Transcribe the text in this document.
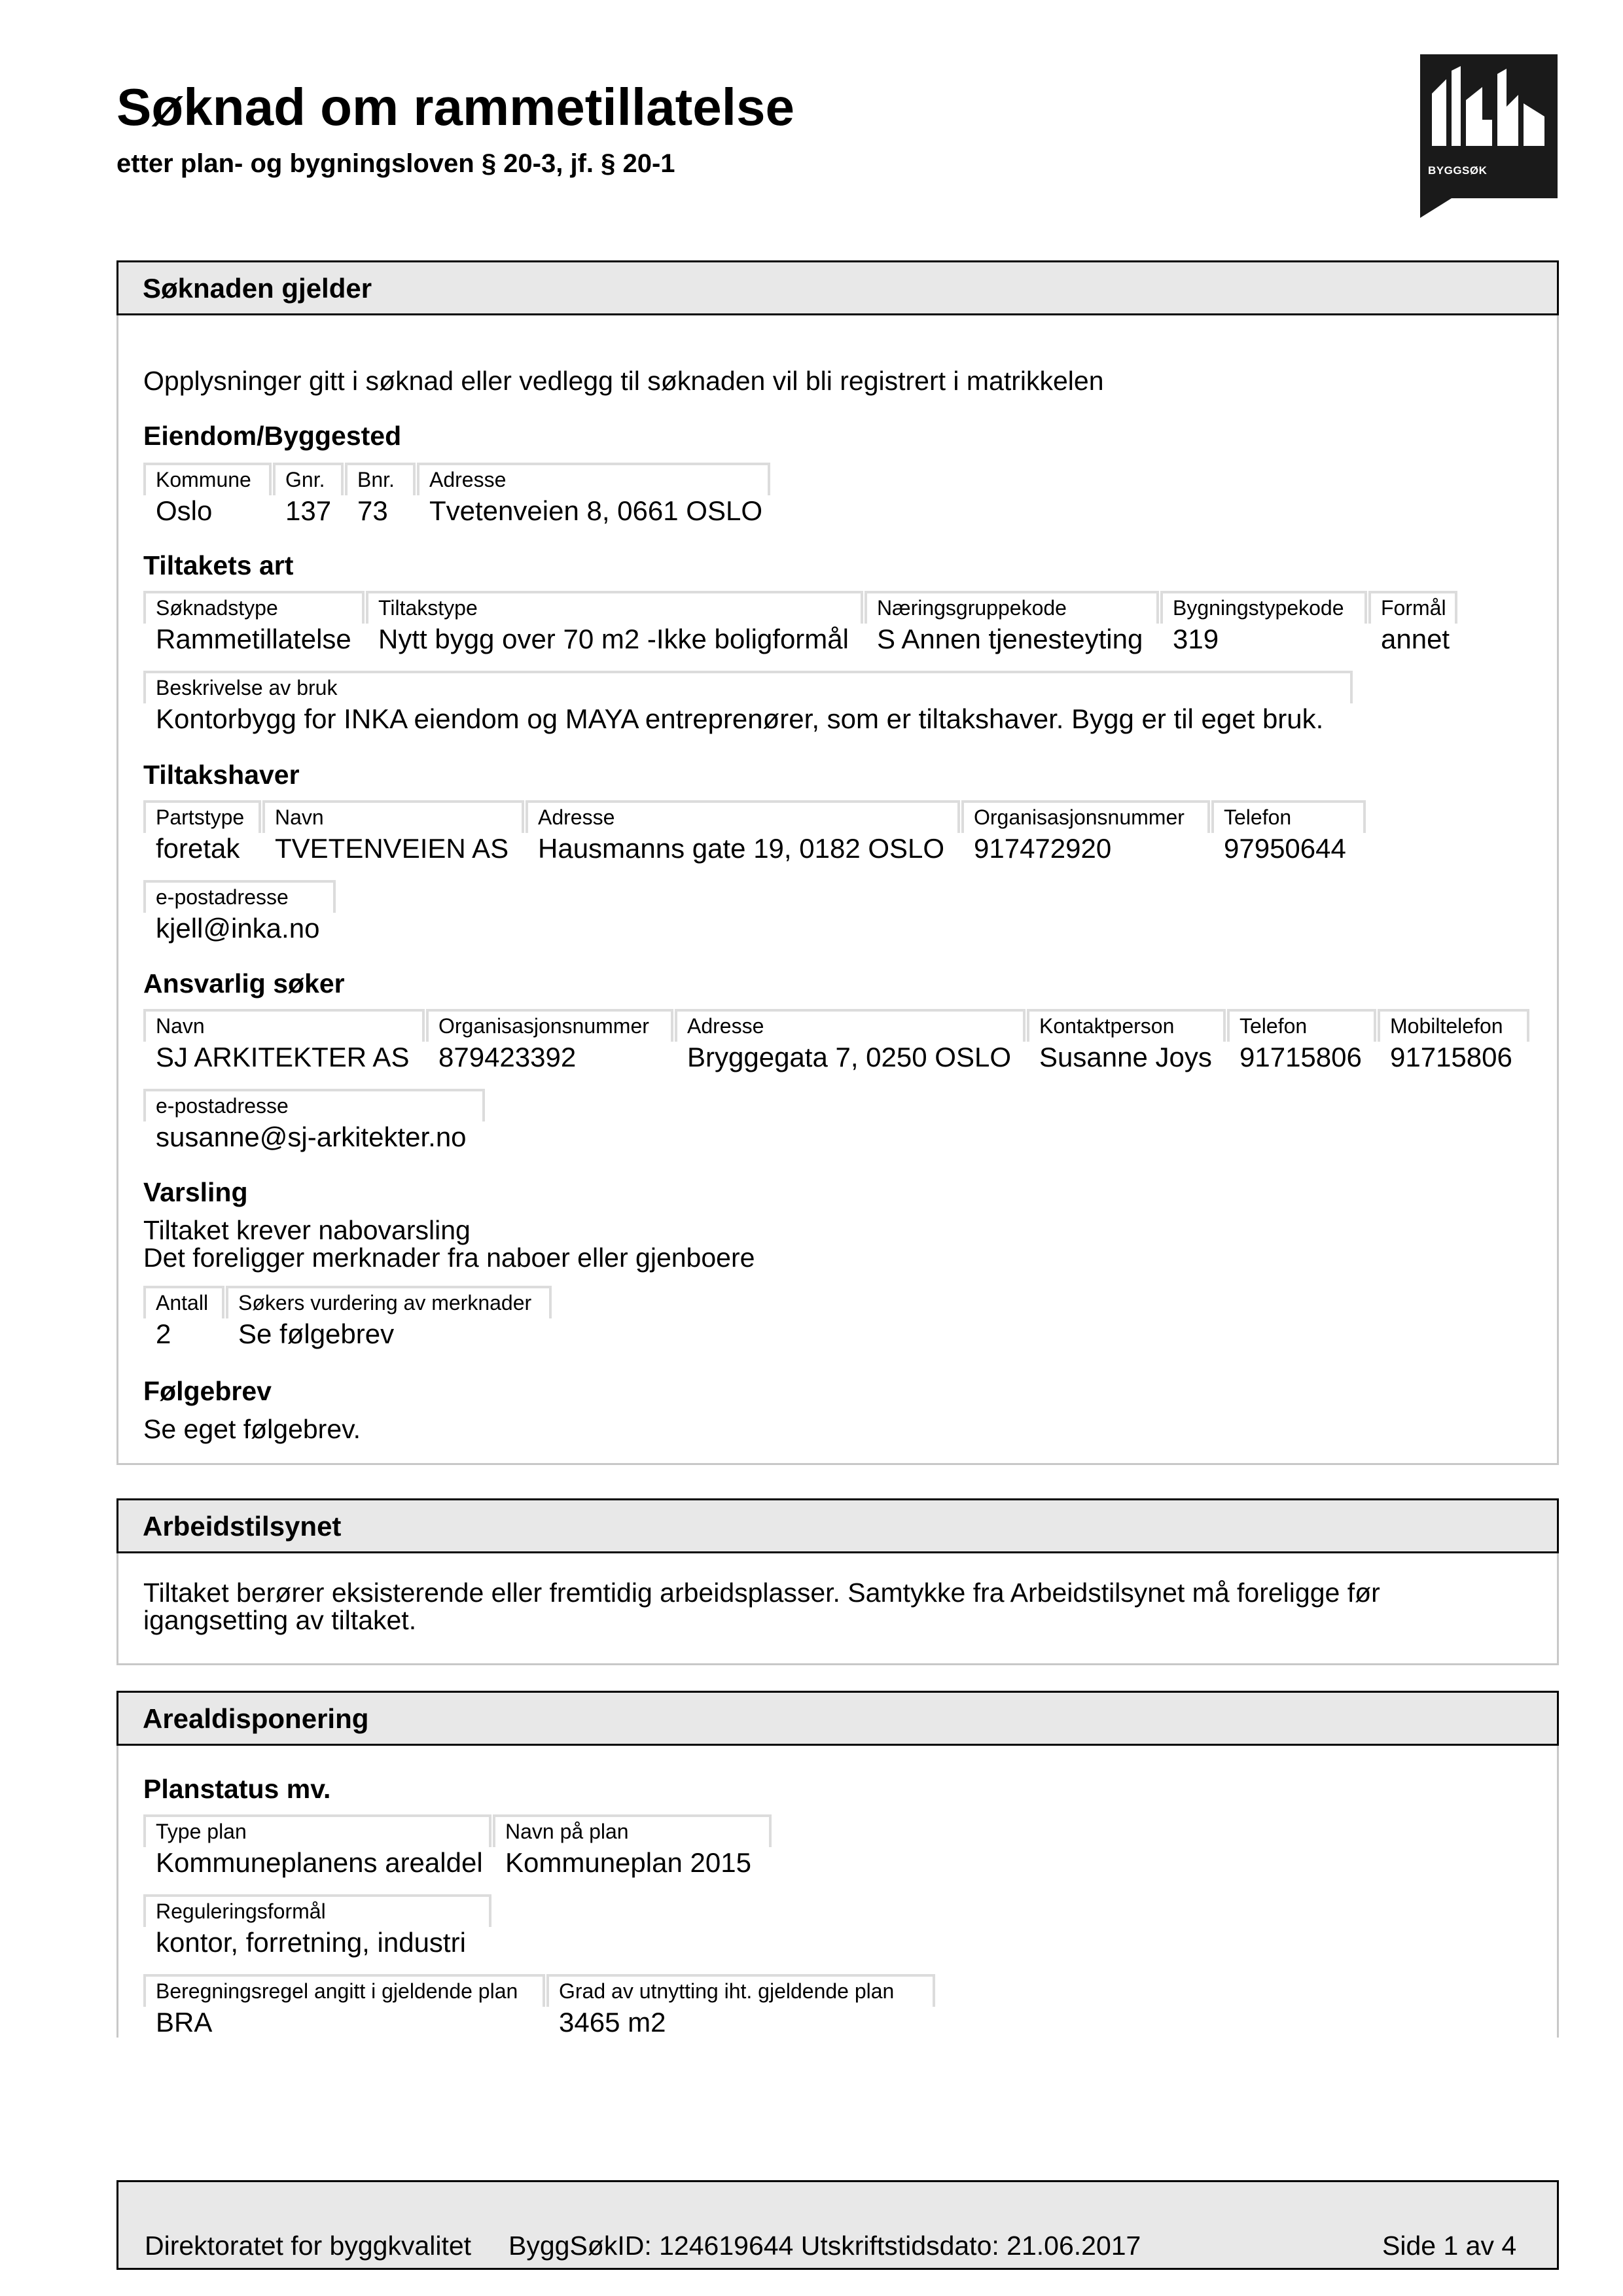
Søknad om rammetillatelse
etter plan- og bygningsloven § 20-3, jf. § 20-1	BYGGSØK
Søknaden gjelder
Opplysninger gitt i søknad eller vedlegg til søknaden vil bli registrert i matrikkelen
Eiendom/Byggested
Kommune
Oslo
Gnr.
137
Bnr.
73
Adresse
Tvetenveien 8, 0661 OSLO
Tiltakets art
Søknadstype
Rammetillatelse
Tiltakstype
Nytt bygg over 70 m2 -Ikke boligformål
Næringsgruppekode
S Annen tjenesteyting
Bygningstypekode
319
Formål
annet
Beskrivelse av bruk
Kontorbygg for INKA eiendom og MAYA entreprenører, som er tiltakshaver. Bygg er til eget bruk.
Tiltakshaver
Partstype
foretak
Navn
TVETENVEIEN AS
Adresse
Hausmanns gate 19, 0182 OSLO
Organisasjonsnummer
917472920
Telefon
97950644
e-postadresse
kjell@inka.no
Ansvarlig søker
Navn
SJ ARKITEKTER AS
Organisasjonsnummer
879423392
Adresse
Bryggegata 7, 0250 OSLO
Kontaktperson
Susanne Joys
Telefon
91715806
Mobiltelefon
91715806
e-postadresse
susanne@sj-arkitekter.no
Varsling
Tiltaket krever nabovarsling
Det foreligger merknader fra naboer eller gjenboere
Antall
2
Søkers vurdering av merknader
Se følgebrev
Følgebrev
Se eget følgebrev.
Arbeidstilsynet
Tiltaket berører eksisterende eller fremtidig arbeidsplasser. Samtykke fra Arbeidstilsynet må foreligge før
igangsetting av tiltaket.
Arealdisponering
Planstatus mv.
Type plan
Kommuneplanens arealdel
Navn på plan
Kommuneplan 2015
Reguleringsformål
kontor, forretning, industri
Beregningsregel angitt i gjeldende plan
BRA
Grad av utnytting iht. gjeldende plan
3465 m2
Direktoratet for byggkvalitet ByggSøkID: 124619644 Utskriftstidsdato: 21.06.2017	Side 1 av 4
